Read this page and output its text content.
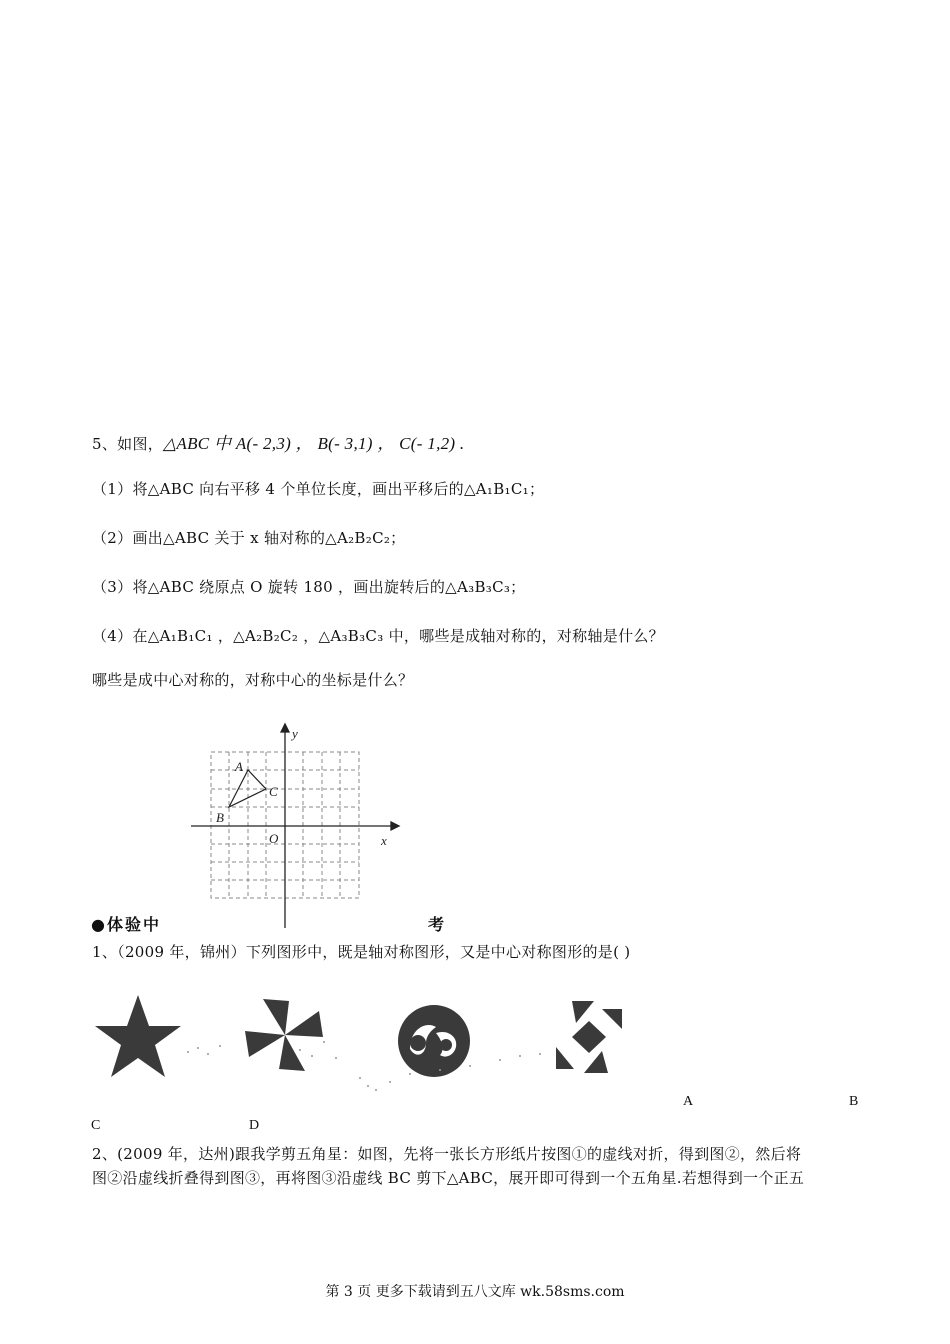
5、如图，△ABC 中 A(- 2,3) ， B(- 3,1) ， C(- 1,2) .
（1）将△ABC 向右平移 4 个单位长度，画出平移后的△A₁B₁C₁；
（2）画出△ABC 关于 x 轴对称的△A₂B₂C₂；
（3）将△ABC 绕原点 O 旋转 180 ，画出旋转后的△A₃B₃C₃；
（4）在△A₁B₁C₁ ，△A₂B₂C₂ ，△A₃B₃C₃ 中，哪些是成轴对称的，对称轴是什么？
哪些是成中心对称的，对称中心的坐标是什么？
y
x
A
B
C
O
●体验中	考
1、（2009 年，锦州）下列图形中，既是轴对称图形，又是中心对称图形的是( )
A	B
C	D
2、(2009 年，达州)跟我学剪五角星：如图，先将一张长方形纸片按图①的虚线对折，得到图②，然后将
图②沿虚线折叠得到图③，再将图③沿虚线 BC 剪下△ABC，展开即可得到一个五角星.若想得到一个正五
第 3 页 更多下载请到五八文库 wk.58sms.com
